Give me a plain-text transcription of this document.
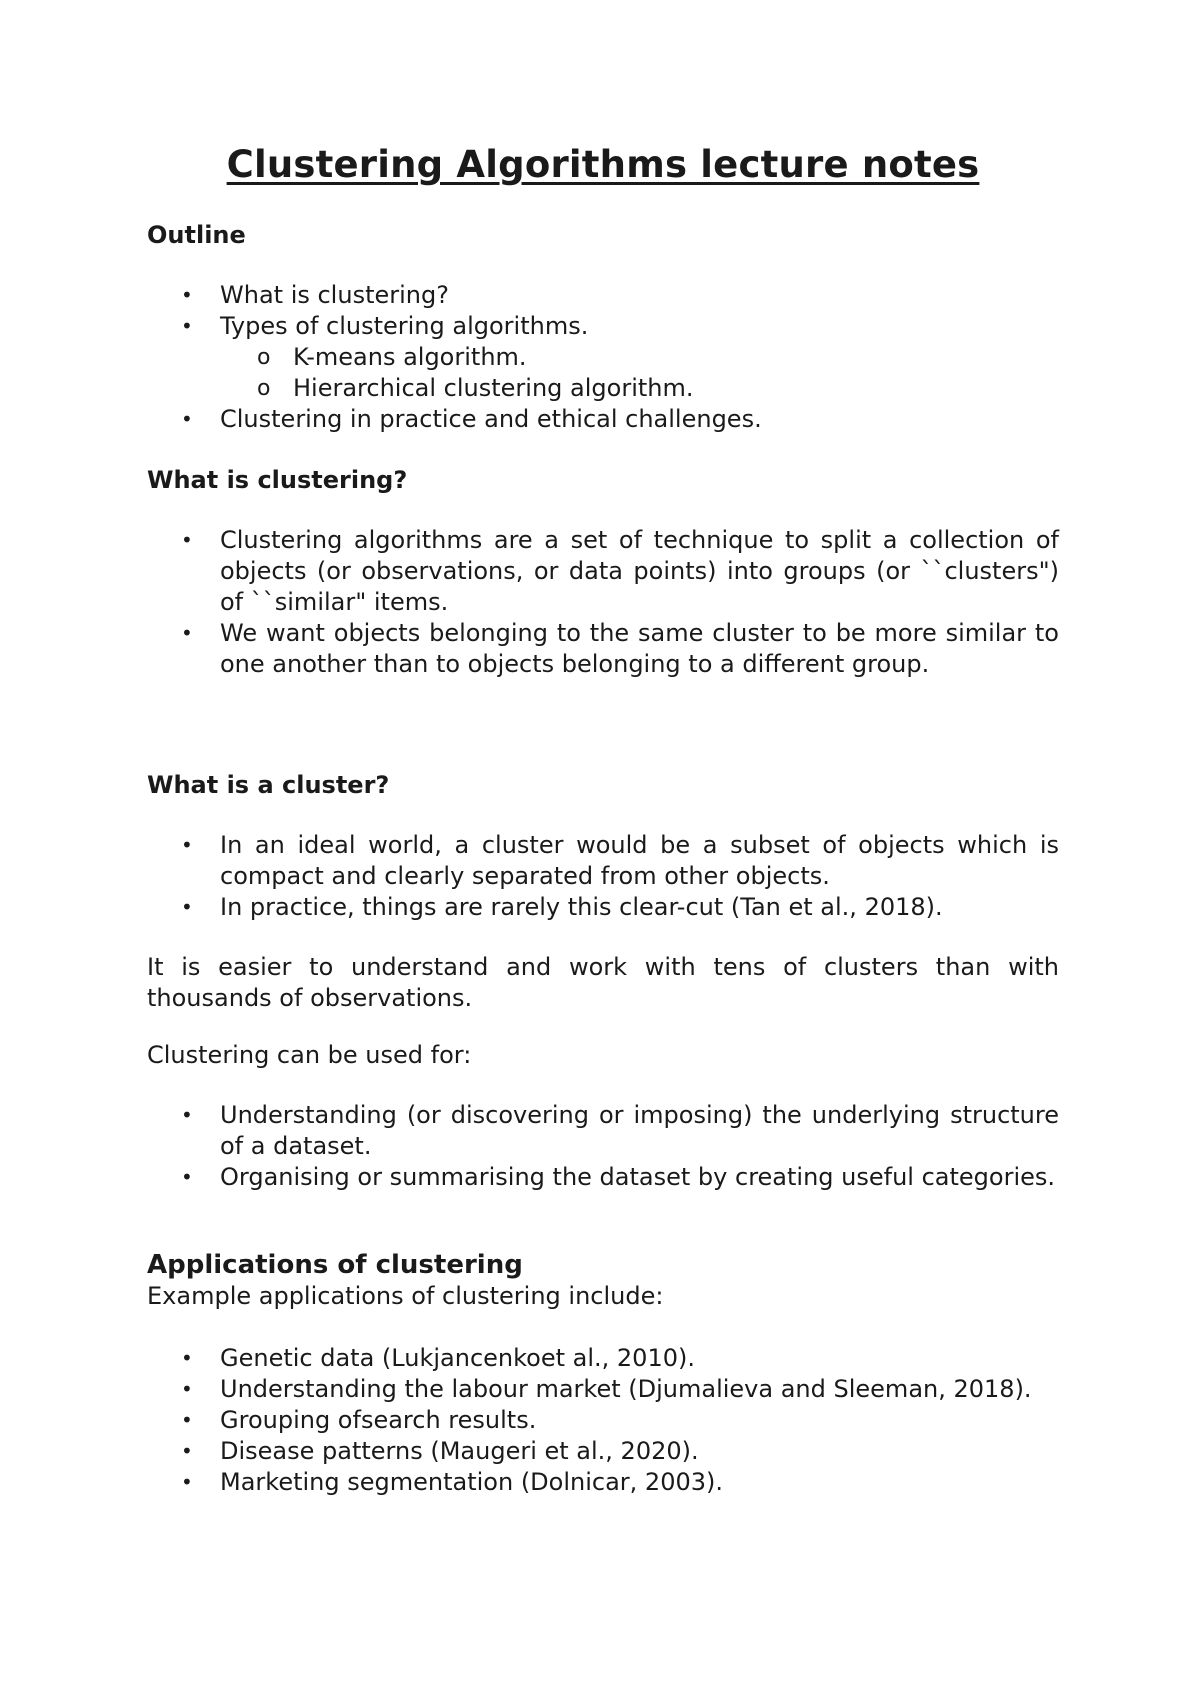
Clustering Algorithms lecture notes

Outline

• What is clustering?
• Types of clustering algorithms.
o K-means algorithm.
o Hierarchical clustering algorithm.
• Clustering in practice and ethical challenges.

What is clustering?

• Clustering algorithms are a set of technique to split a collection of objects (or observations, or data points) into groups (or ``clusters") of ``similar" items.
• We want objects belonging to the same cluster to be more similar to one another than to objects belonging to a different group.

What is a cluster?

• In an ideal world, a cluster would be a subset of objects which is compact and clearly separated from other objects.
• In practice, things are rarely this clear-cut (Tan et al., 2018).

It is easier to understand and work with tens of clusters than with thousands of observations.

Clustering can be used for:

• Understanding (or discovering or imposing) the underlying structure of a dataset.
• Organising or summarising the dataset by creating useful categories.

Applications of clustering

Example applications of clustering include:

• Genetic data (Lukjancenkoet al., 2010).
• Understanding the labour market (Djumalieva and Sleeman, 2018).
• Grouping ofsearch results.
• Disease patterns (Maugeri et al., 2020).
• Marketing segmentation (Dolnicar, 2003).
